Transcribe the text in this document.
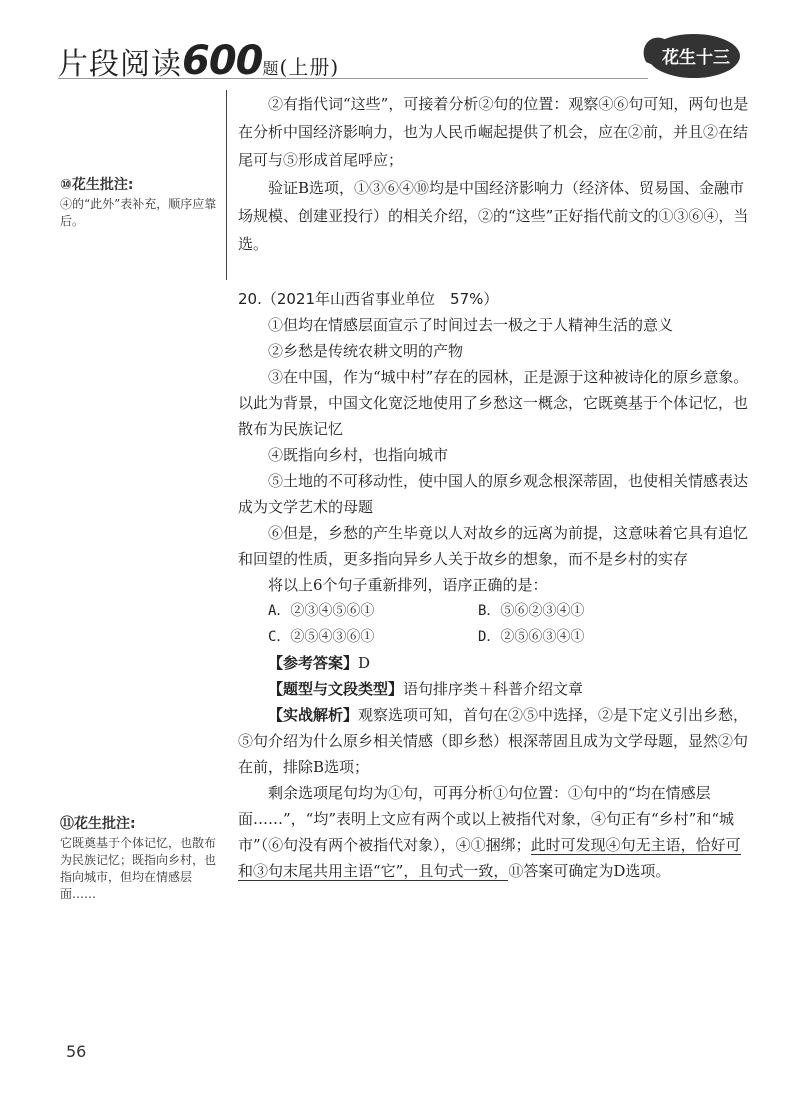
片段阅读600题(上册)	花生十三
⑩花生批注:
④的“此外”表补充，顺序应靠后。
⑪花生批注:
它既奠基于个体记忆，也散布为民族记忆；既指向乡村，也指向城市，但均在情感层面……

②有指代词“这些”，可接着分析②句的位置：观察④⑥句可知，两句也是在分析中国经济影响力，也为人民币崛起提供了机会，应在②前，并且②在结尾可与⑤形成首尾呼应；

验证B选项，①③⑥④⑩均是中国经济影响力（经济体、贸易国、金融市场规模、创建亚投行）的相关介绍，②的“这些”正好指代前文的①③⑥④，当选。

20.（2021年山西省事业单位　57%）

①但均在情感层面宣示了时间过去一极之于人精神生活的意义

②乡愁是传统农耕文明的产物

③在中国，作为“城中村”存在的园林，正是源于这种被诗化的原乡意象。以此为背景，中国文化宽泛地使用了乡愁这一概念，它既奠基于个体记忆，也散布为民族记忆

④既指向乡村，也指向城市

⑤土地的不可移动性，使中国人的原乡观念根深蒂固，也使相关情感表达成为文学艺术的母题

⑥但是，乡愁的产生毕竟以人对故乡的远离为前提，这意味着它具有追忆和回望的性质，更多指向异乡人关于故乡的想象，而不是乡村的实存

将以上6个句子重新排列，语序正确的是：

A．②③④⑤⑥①	B．⑤⑥②③④①
C．②⑤④③⑥①	D．②⑤⑥③④①

【参考答案】D

【题型与文段类型】语句排序类＋科普介绍文章

【实战解析】观察选项可知，首句在②⑤中选择，②是下定义引出乡愁，⑤句介绍为什么原乡相关情感（即乡愁）根深蒂固且成为文学母题，显然②句在前，排除B选项；

剩余选项尾句均为①句，可再分析①句位置：①句中的“均在情感层面……”，“均”表明上文应有两个或以上被指代对象，④句正有“乡村”和“城市”（⑥句没有两个被指代对象），④①捆绑；此时可发现④句无主语，恰好可和③句末尾共用主语“它”，且句式一致，⑪答案可确定为D选项。

56
